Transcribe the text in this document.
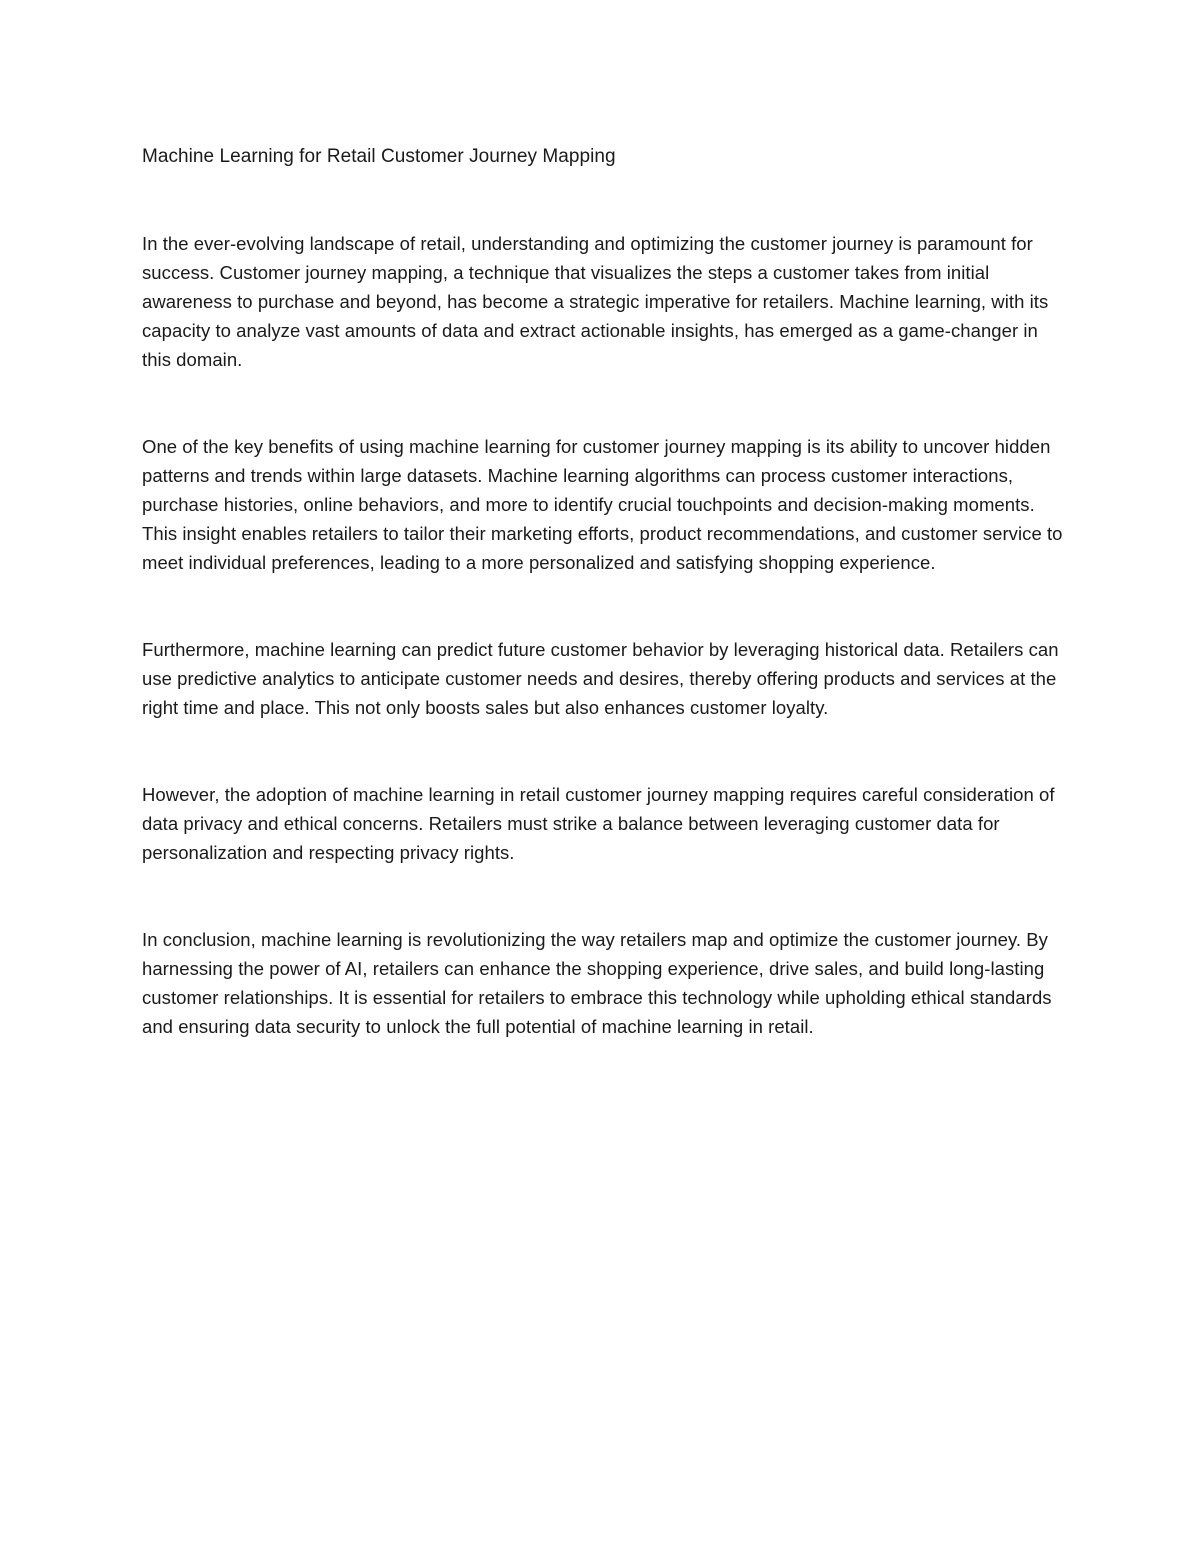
Machine Learning for Retail Customer Journey Mapping

In the ever-evolving landscape of retail, understanding and optimizing the customer journey is paramount for success. Customer journey mapping, a technique that visualizes the steps a customer takes from initial awareness to purchase and beyond, has become a strategic imperative for retailers. Machine learning, with its capacity to analyze vast amounts of data and extract actionable insights, has emerged as a game-changer in this domain.

One of the key benefits of using machine learning for customer journey mapping is its ability to uncover hidden patterns and trends within large datasets. Machine learning algorithms can process customer interactions, purchase histories, online behaviors, and more to identify crucial touchpoints and decision-making moments. This insight enables retailers to tailor their marketing efforts, product recommendations, and customer service to meet individual preferences, leading to a more personalized and satisfying shopping experience.

Furthermore, machine learning can predict future customer behavior by leveraging historical data. Retailers can use predictive analytics to anticipate customer needs and desires, thereby offering products and services at the right time and place. This not only boosts sales but also enhances customer loyalty.

However, the adoption of machine learning in retail customer journey mapping requires careful consideration of data privacy and ethical concerns. Retailers must strike a balance between leveraging customer data for personalization and respecting privacy rights.

In conclusion, machine learning is revolutionizing the way retailers map and optimize the customer journey. By harnessing the power of AI, retailers can enhance the shopping experience, drive sales, and build long-lasting customer relationships. It is essential for retailers to embrace this technology while upholding ethical standards and ensuring data security to unlock the full potential of machine learning in retail.
